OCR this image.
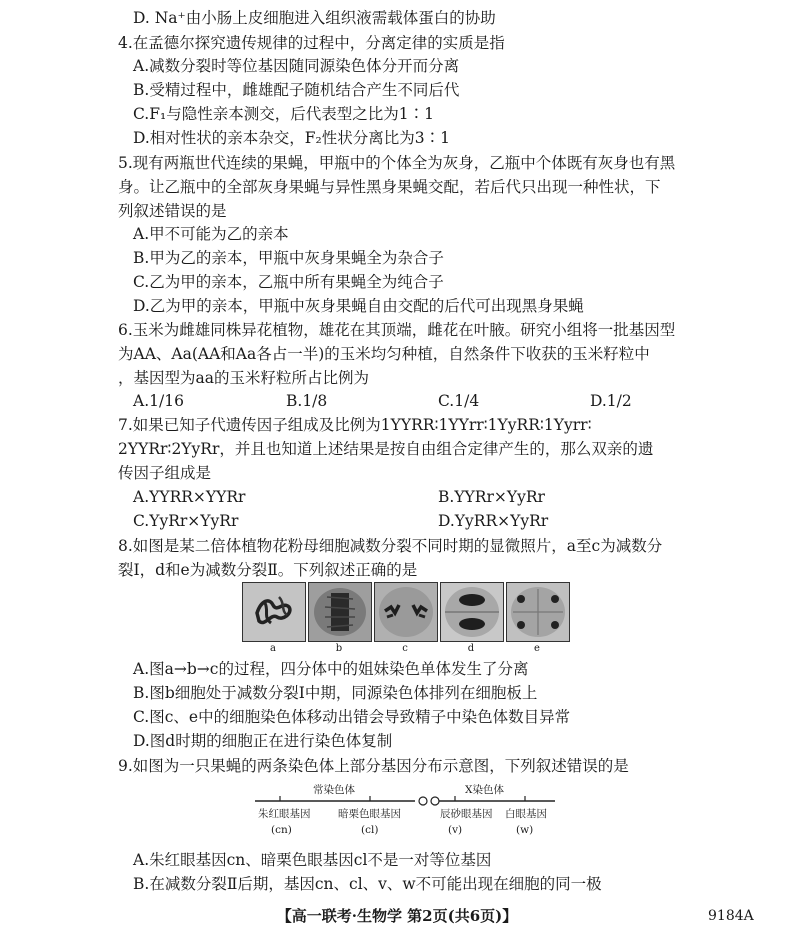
D. Na⁺由小肠上皮细胞进入组织液需载体蛋白的协助
4.在孟德尔探究遗传规律的过程中，分离定律的实质是指
A.减数分裂时等位基因随同源染色体分开而分离
B.受精过程中，雌雄配子随机结合产生不同后代
C.F₁与隐性亲本测交，后代表型之比为1∶1
D.相对性状的亲本杂交，F₂性状分离比为3∶1
5.现有两瓶世代连续的果蝇，甲瓶中的个体全为灰身，乙瓶中个体既有灰身也有黑
身。让乙瓶中的全部灰身果蝇与异性黑身果蝇交配，若后代只出现一种性状，下
列叙述错误的是
A.甲不可能为乙的亲本
B.甲为乙的亲本，甲瓶中灰身果蝇全为杂合子
C.乙为甲的亲本，乙瓶中所有果蝇全为纯合子
D.乙为甲的亲本，甲瓶中灰身果蝇自由交配的后代可出现黑身果蝇
6.玉米为雌雄同株异花植物，雄花在其顶端，雌花在叶腋。研究小组将一批基因型
为AA、Aa(AA和Aa各占一半)的玉米均匀种植，自然条件下收获的玉米籽粒中
，基因型为aa的玉米籽粒所占比例为
A.1/16	B.1/8	C.1/4	D.1/2
7.如果已知子代遗传因子组成及比例为1YYRR∶1YYrr∶1YyRR∶1Yyrr∶
2YYRr∶2YyRr，并且也知道上述结果是按自由组合定律产生的，那么双亲的遗
传因子组成是
A.YYRR×YYRr	B.YYRr×YyRr
C.YyRr×YyRr	D.YyRR×YyRr
8.如图是某二倍体植物花粉母细胞减数分裂不同时期的显微照片，a至c为减数分
裂Ⅰ，d和e为减数分裂Ⅱ。下列叙述正确的是
a	b	c	d	e
A.图a→b→c的过程，四分体中的姐妹染色单体发生了分离
B.图b细胞处于减数分裂Ⅰ中期，同源染色体排列在细胞板上
C.图c、e中的细胞染色体移动出错会导致精子中染色体数目异常
D.图d时期的细胞正在进行染色体复制
9.如图为一只果蝇的两条染色体上部分基因分布示意图，下列叙述错误的是
常染色体	X染色体
朱红眼基因
(cn)
暗栗色眼基因
(cl)
辰砂眼基因
(v)
白眼基因
(w)
A.朱红眼基因cn、暗栗色眼基因cl不是一对等位基因
B.在减数分裂Ⅱ后期，基因cn、cl、v、w不可能出现在细胞的同一极
【高一联考·生物学 第2页(共6页)】	9184A
